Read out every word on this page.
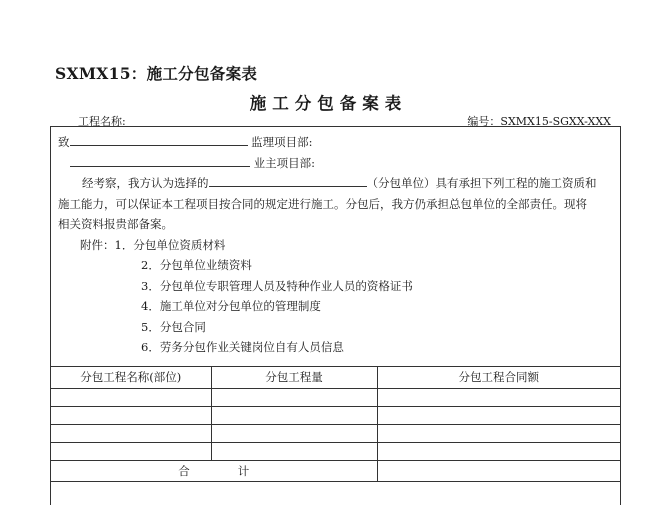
SXMX15：施工分包备案表
施工分包备案表
工程名称:	编号：SXMX15-SGXX-XXX
致	监理项目部:
业主项目部:
经考察，我方认为选择的	（分包单位）具有承担下列工程的施工资质和
施工能力，可以保证本工程项目按合同的规定进行施工。分包后，我方仍承担总包单位的全部责任。现将
相关资料报贵部备案。
附件：1．分包单位资质材料
2．分包单位业绩资料
3．分包单位专职管理人员及特种作业人员的资格证书
4．施工单位对分包单位的管理制度
5．分包合同
6．劳务分包作业关键岗位自有人员信息
分包工程名称(部位)	分包工程量	分包工程合同额

合计		
